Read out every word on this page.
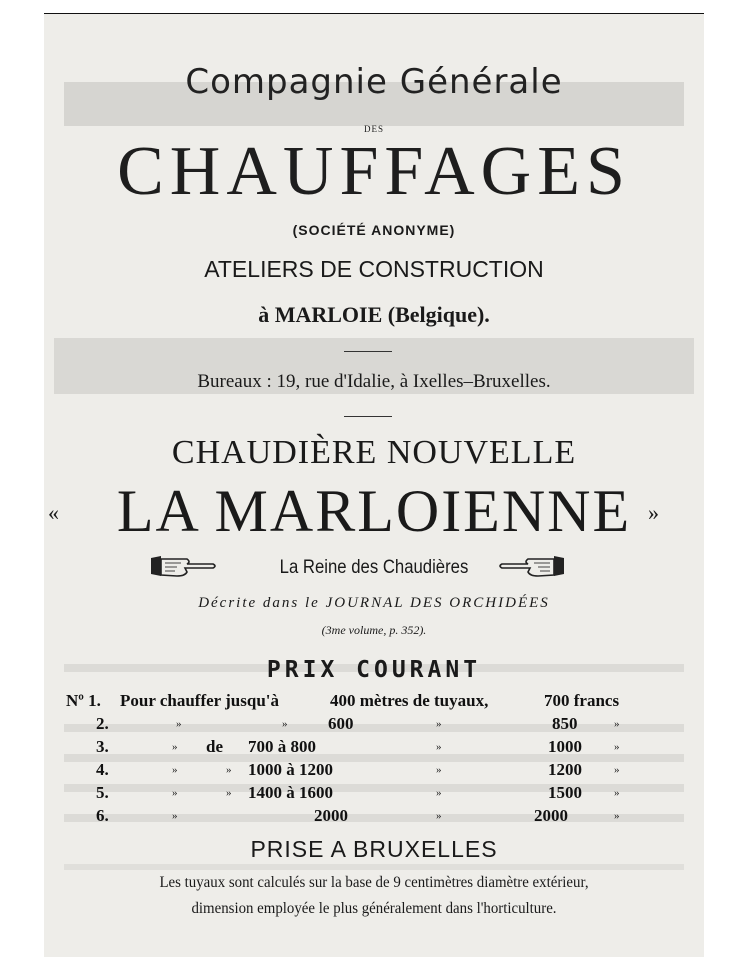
Compagnie Générale
DES
CHAUFFAGES
(SOCIÉTÉ ANONYME)
ATELIERS DE CONSTRUCTION
à MARLOIE (Belgique).
Bureaux : 19, rue d'Idalie, à Ixelles–Bruxelles.
CHAUDIÈRE NOUVELLE
« LA MARLOIENNE »
La Reine des Chaudières
Décrite dans le JOURNAL DES ORCHIDÉES
(3me volume, p. 352).
PRIX COURANT
Nº 1. Pour chauffer jusqu'à	400 mètres de tuyaux,	700 francs
2.	»	» 600	»	850	»
3.	» de 700 à 800	»	1000	»
4.	»	» 1000 à 1200	»	1200	»
5.	»	» 1400 à 1600	»	1500	»
6.	»	2000	»	2000	»
PRISE A BRUXELLES
Les tuyaux sont calculés sur la base de 9 centimètres diamètre extérieur,
dimension employée le plus généralement dans l'horticulture.
